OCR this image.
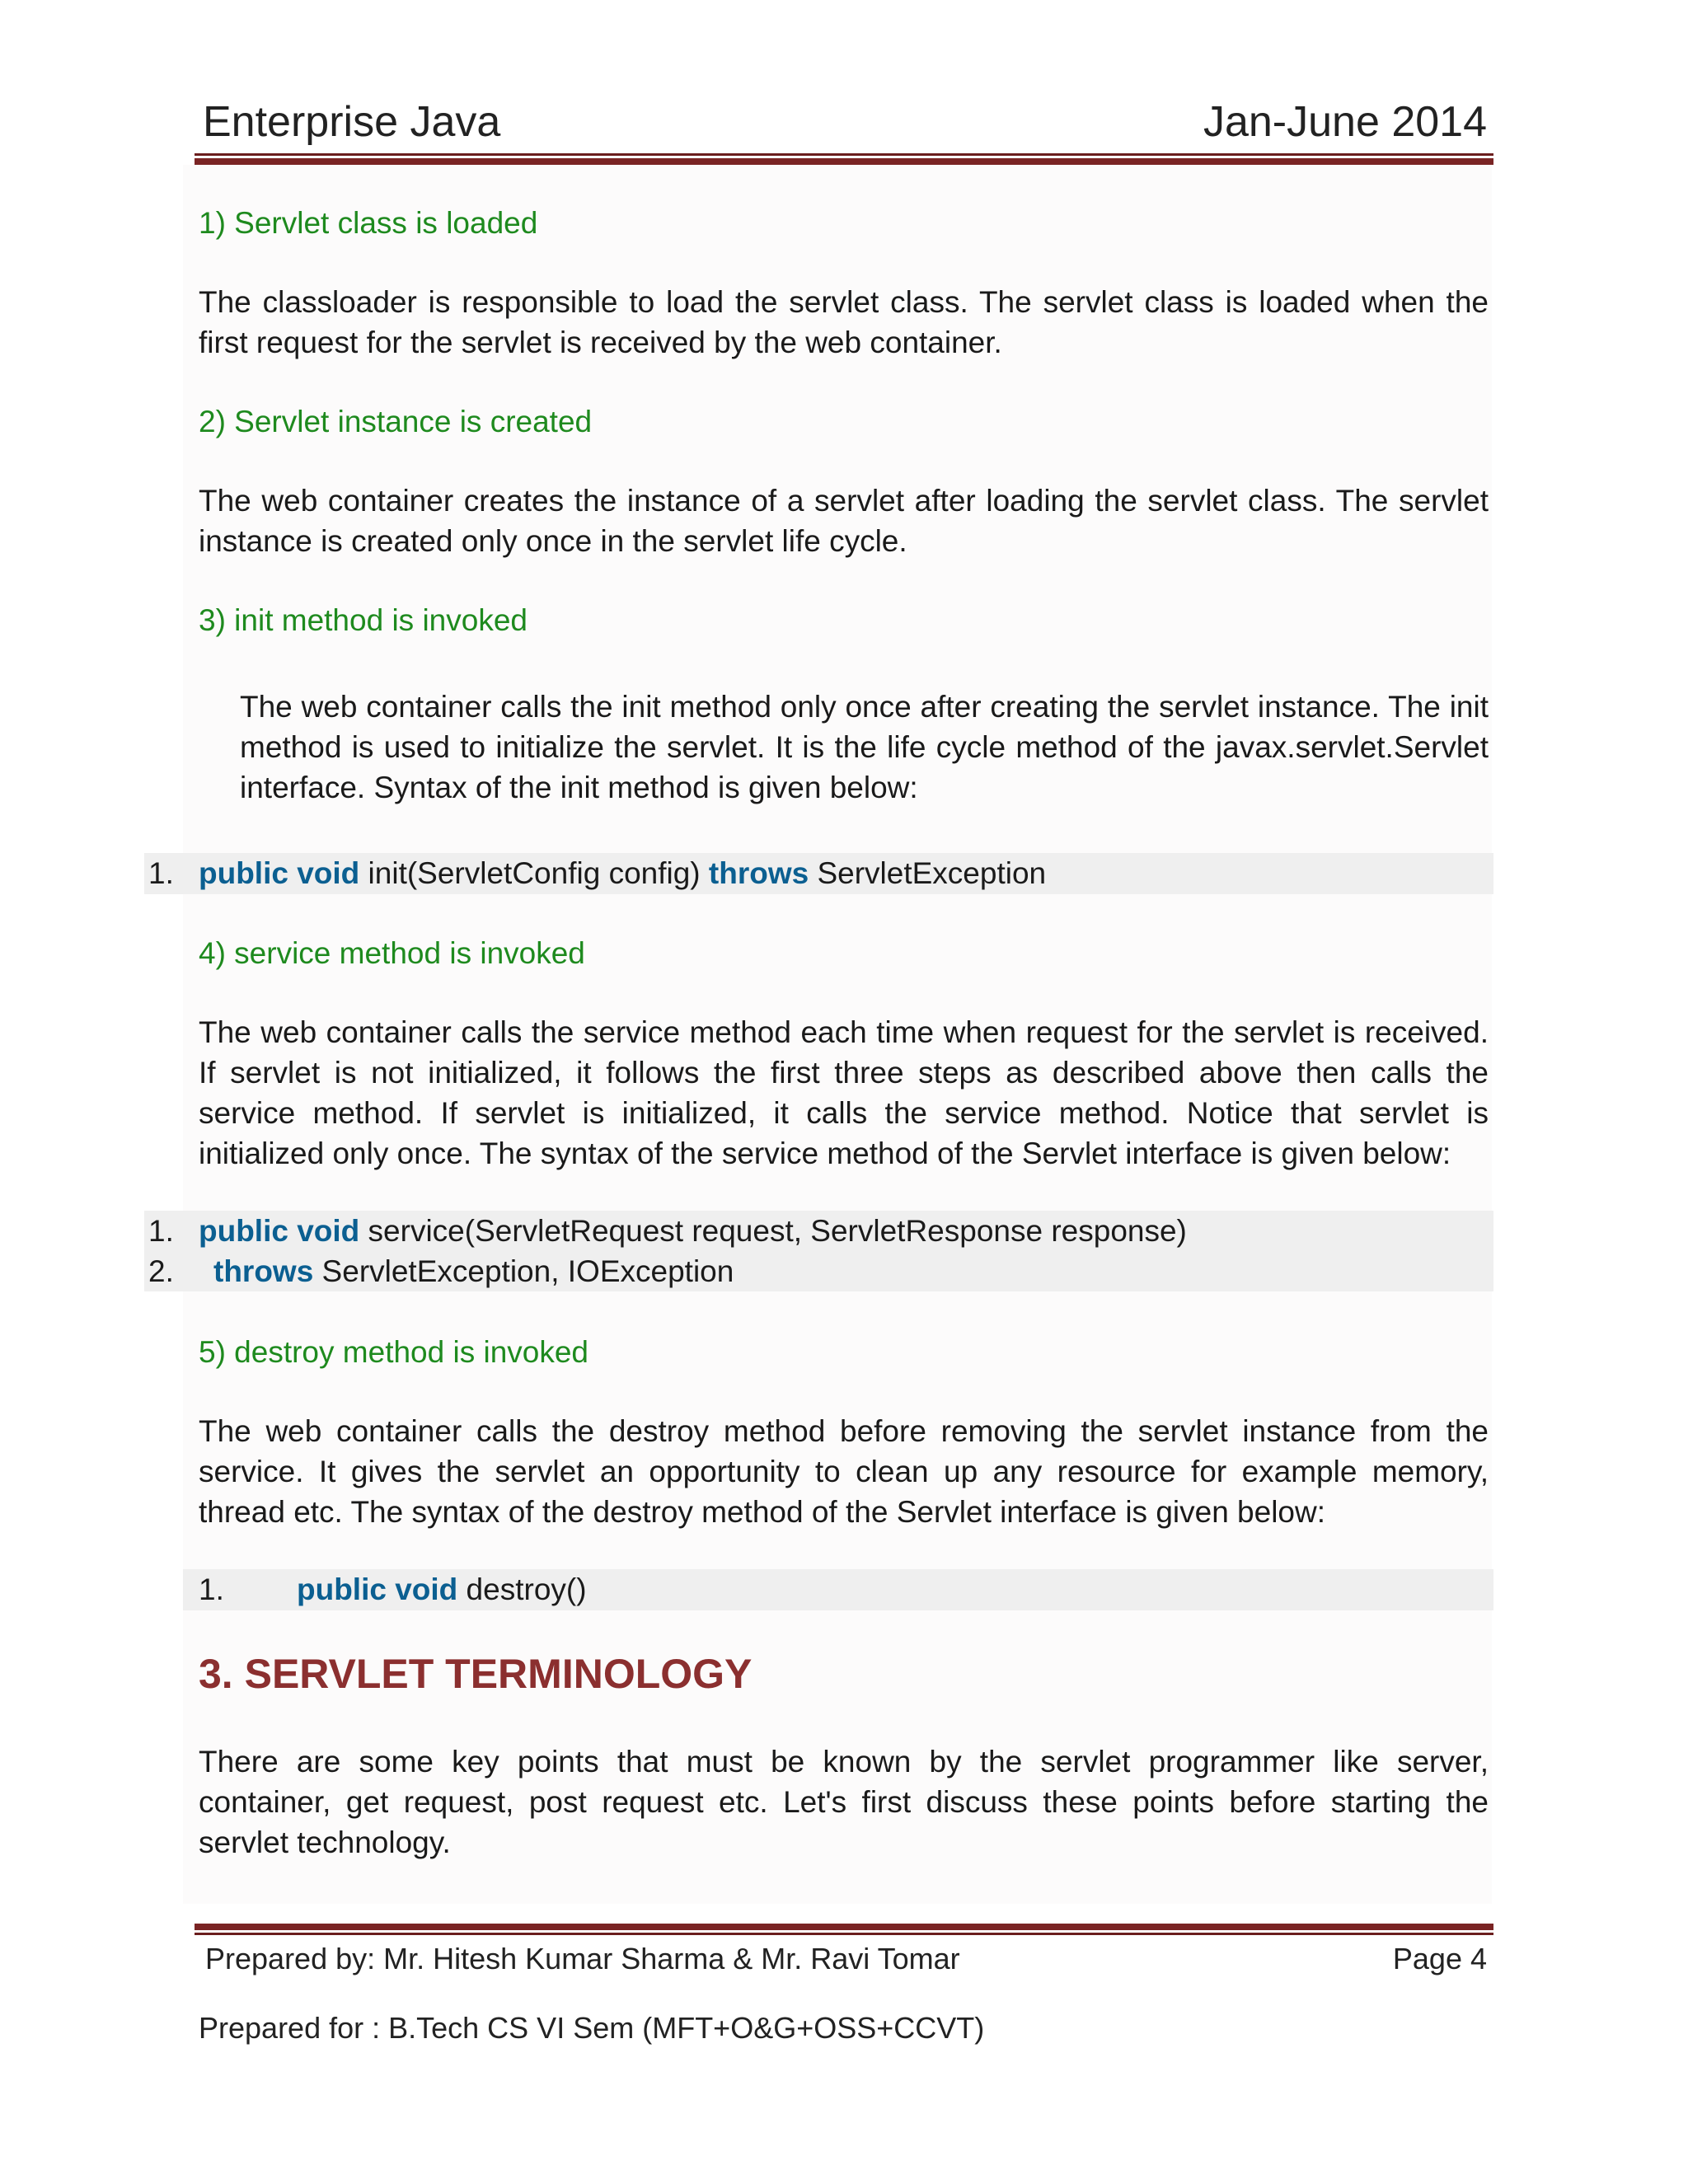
Enterprise Java	Jan-June 2014
1) Servlet class is loaded
The classloader is responsible to load the servlet class. The servlet class is loaded when the first request for the servlet is received by the web container.
2) Servlet instance is created
The web container creates the instance of a servlet after loading the servlet class. The servlet instance is created only once in the servlet life cycle.
3) init method is invoked
The web container calls the init method only once after creating the servlet instance. The init method is used to initialize the servlet. It is the life cycle method of the javax.servlet.Servlet interface. Syntax of the init method is given below:
1. public void init(ServletConfig config) throws ServletException
4) service method is invoked
The web container calls the service method each time when request for the servlet is received. If servlet is not initialized, it follows the first three steps as described above then calls the service method. If servlet is initialized, it calls the service method. Notice that servlet is initialized only once. The syntax of the service method of the Servlet interface is given below:
1. public void service(ServletRequest request, ServletResponse response)
2. throws ServletException, IOException
5) destroy method is invoked
The web container calls the destroy method before removing the servlet instance from the service. It gives the servlet an opportunity to clean up any resource for example memory, thread etc. The syntax of the destroy method of the Servlet interface is given below:
1. public void destroy()
3. SERVLET TERMINOLOGY
There are some key points that must be known by the servlet programmer like server, container, get request, post request etc. Let's first discuss these points before starting the servlet technology.
Prepared by: Mr. Hitesh Kumar Sharma & Mr. Ravi Tomar	Page 4
Prepared for : B.Tech CS VI Sem (MFT+O&G+OSS+CCVT)
